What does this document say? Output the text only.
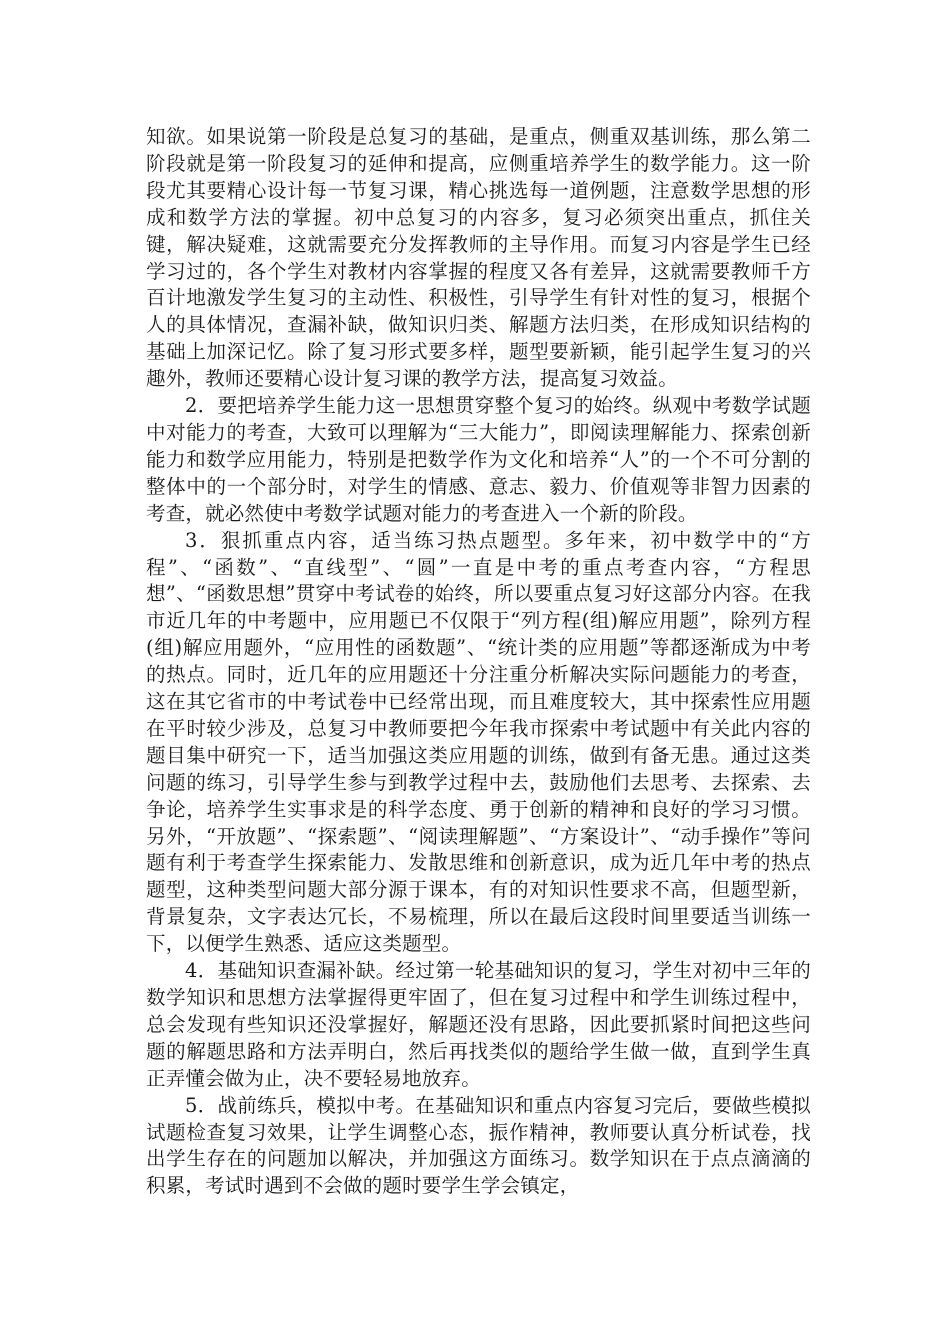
知欲。如果说第一阶段是总复习的基础，是重点，侧重双基训练，那么第二阶段就是第一阶段复习的延伸和提高，应侧重培养学生的数学能力。这一阶段尤其要精心设计每一节复习课，精心挑选每一道例题，注意数学思想的形成和数学方法的掌握。初中总复习的内容多，复习必须突出重点，抓住关键，解决疑难，这就需要充分发挥教师的主导作用。而复习内容是学生已经学习过的，各个学生对教材内容掌握的程度又各有差异，这就需要教师千方百计地激发学生复习的主动性、积极性，引导学生有针对性的复习，根据个人的具体情况，查漏补缺，做知识归类、解题方法归类，在形成知识结构的基础上加深记忆。除了复习形式要多样，题型要新颖，能引起学生复习的兴趣外，教师还要精心设计复习课的教学方法，提高复习效益。

2．要把培养学生能力这一思想贯穿整个复习的始终。纵观中考数学试题中对能力的考查，大致可以理解为“三大能力”，即阅读理解能力、探索创新能力和数学应用能力，特别是把数学作为文化和培养“人”的一个不可分割的整体中的一个部分时，对学生的情感、意志、毅力、价值观等非智力因素的考查，就必然使中考数学试题对能力的考查进入一个新的阶段。

3．狠抓重点内容，适当练习热点题型。多年来，初中数学中的“方程”、“函数”、“直线型”、“圆”一直是中考的重点考查内容，“方程思想”、“函数思想”贯穿中考试卷的始终，所以要重点复习好这部分内容。在我市近几年的中考题中，应用题已不仅限于“列方程(组)解应用题”，除列方程(组)解应用题外，“应用性的函数题”、“统计类的应用题”等都逐渐成为中考的热点。同时，近几年的应用题还十分注重分析解决实际问题能力的考查，这在其它省市的中考试卷中已经常出现，而且难度较大，其中探索性应用题在平时较少涉及，总复习中教师要把今年我市探索中考试题中有关此内容的题目集中研究一下，适当加强这类应用题的训练，做到有备无患。通过这类问题的练习，引导学生参与到教学过程中去，鼓励他们去思考、去探索、去争论，培养学生实事求是的科学态度、勇于创新的精神和良好的学习习惯。另外，“开放题”、“探索题”、“阅读理解题”、“方案设计”、“动手操作”等问题有利于考查学生探索能力、发散思维和创新意识，成为近几年中考的热点题型，这种类型问题大部分源于课本，有的对知识性要求不高，但题型新，背景复杂，文字表达冗长，不易梳理，所以在最后这段时间里要适当训练一下，以便学生熟悉、适应这类题型。

4．基础知识查漏补缺。经过第一轮基础知识的复习，学生对初中三年的数学知识和思想方法掌握得更牢固了，但在复习过程中和学生训练过程中，总会发现有些知识还没掌握好，解题还没有思路，因此要抓紧时间把这些问题的解题思路和方法弄明白，然后再找类似的题给学生做一做，直到学生真正弄懂会做为止，决不要轻易地放弃。

5．战前练兵，模拟中考。在基础知识和重点内容复习完后，要做些模拟试题检查复习效果，让学生调整心态，振作精神，教师要认真分析试卷，找出学生存在的问题加以解决，并加强这方面练习。数学知识在于点点滴滴的积累，考试时遇到不会做的题时要学生学会镇定，
